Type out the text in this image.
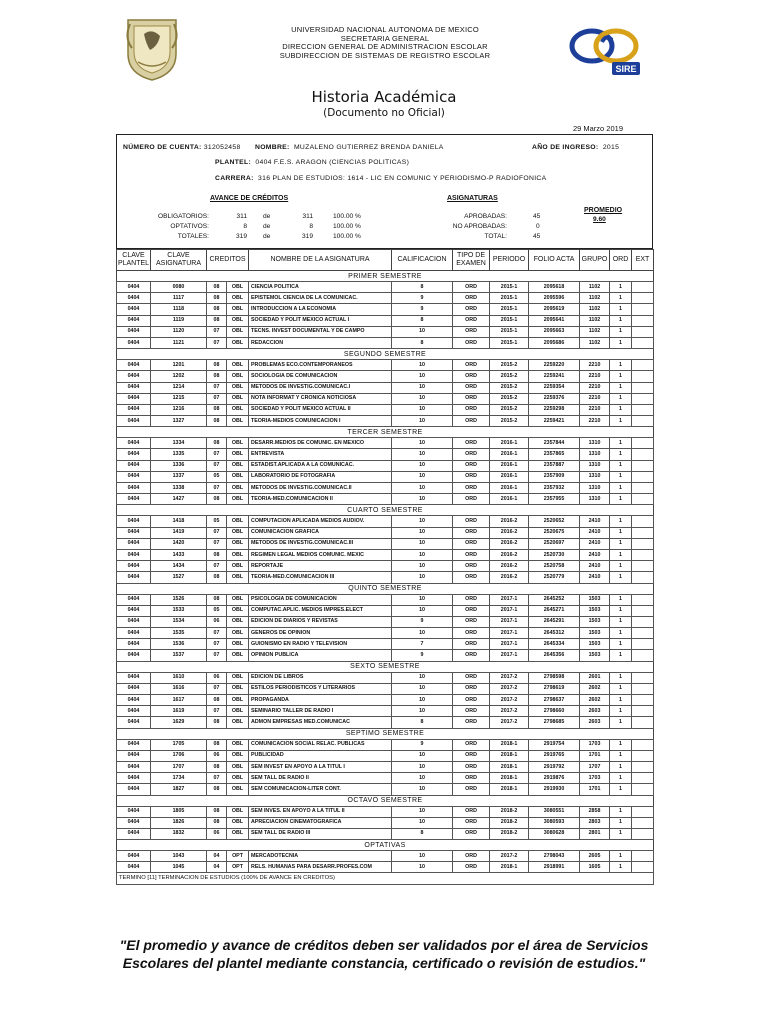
SIRE
UNIVERSIDAD NACIONAL AUTONOMA DE MEXICO
SECRETARIA GENERAL
DIRECCION GENERAL DE ADMINISTRACION ESCOLAR
SUBDIRECCION DE SISTEMAS DE REGISTRO ESCOLAR
Historia Académica
(Documento no Oficial)
29 Marzo 2019
NÚMERO DE CUENTA: 312052458 NOMBRE: MUZALENO GUTIERREZ BRENDA DANIELA	AÑO DE INGRESO: 2015
PLANTEL: 0404 F.E.S. ARAGON (CIENCIAS POLITICAS)
CARRERA: 316 PLAN DE ESTUDIOS: 1614 - LIC EN COMUNIC Y PERIODISMO-P RADIOFONICA
AVANCE DE CRÉDITOS	ASIGNATURAS
PROMEDIO
9.60
OBLIGATORIOS:	311 de	311	100.00 %	APROBADAS:	45
OPTATIVOS:	8 de	8	100.00 %	NO APROBADAS:	0
TOTALES:	319 de	319	100.00 %	TOTAL:	45
CLAVE PLANTEL	CLAVE ASIGNATURA	CREDITOS		NOMBRE DE LA ASIGNATURA	CALIFICACION	TIPO DE EXAMEN	PERIODO	FOLIO ACTA	GRUPO	ORD	EXT
PRIMER SEMESTRE											
0404	0080	08	OBL	CIENCIA POLITICA	8	ORD	2015-1	2095618	1102	1	
0404	1117	08	OBL	EPISTEMOL CIENCIA DE LA COMUNICAC.	9	ORD	2015-1	2095596	1102	1	
0404	1118	08	OBL	INTRODUCCION A LA ECONOMIA	9	ORD	2015-1	2095619	1102	1	
0404	1119	08	OBL	SOCIEDAD Y POLIT MEXICO ACTUAL I	8	ORD	2015-1	2095641	1102	1	
0404	1120	07	OBL	TECNS. INVEST DOCUMENTAL Y DE CAMPO	10	ORD	2015-1	2095663	1102	1	
0404	1121	07	OBL	REDACCION	8	ORD	2015-1	2095686	1102	1	
SEGUNDO SEMESTRE											
0404	1201	08	OBL	PROBLEMAS ECO.CONTEMPORANEOS	10	ORD	2015-2	2259220	2210	1	
0404	1202	08	OBL	SOCIOLOGIA DE COMUNICACION	10	ORD	2015-2	2259241	2210	1	
0404	1214	07	OBL	METODOS DE INVESTIG.COMUNICAC.I	10	ORD	2015-2	2259354	2210	1	
0404	1215	07	OBL	NOTA INFORMAT Y CRONICA NOTICIOSA	10	ORD	2015-2	2259376	2210	1	
0404	1216	08	OBL	SOCIEDAD Y POLIT MEXICO ACTUAL II	10	ORD	2015-2	2259298	2210	1	
0404	1327	08	OBL	TEORIA-MEDIOS COMUNICACION I	10	ORD	2015-2	2259421	2210	1	
TERCER SEMESTRE											
0404	1334	08	OBL	DESARR.MEDIOS DE COMUNIC. EN MEXICO	10	ORD	2016-1	2357844	1310	1	
0404	1335	07	OBL	ENTREVISTA	10	ORD	2016-1	2357865	1310	1	
0404	1336	07	OBL	ESTADIST.APLICADA A LA COMUNICAC.	10	ORD	2016-1	2357887	1310	1	
0404	1337	05	OBL	LABORATORIO DE FOTOGRAFIA	10	ORD	2016-1	2357909	1310	1	
0404	1338	07	OBL	METODOS DE INVESTIG.COMUNICAC.II	10	ORD	2016-1	2357932	1310	1	
0404	1427	08	OBL	TEORIA-MED.COMUNICACION II	10	ORD	2016-1	2357955	1310	1	
CUARTO SEMESTRE											
0404	1418	05	OBL	COMPUTACION APLICADA MEDIOS AUDIOV.	10	ORD	2016-2	2520652	2410	1	
0404	1419	07	OBL	COMUNICACION GRAFICA	10	ORD	2016-2	2520675	2410	1	
0404	1420	07	OBL	METODOS DE INVESTIG.COMUNICAC.III	10	ORD	2016-2	2520697	2410	1	
0404	1433	08	OBL	REGIMEN LEGAL MEDIOS COMUNIC. MEXIC	10	ORD	2016-2	2520730	2410	1	
0404	1434	07	OBL	REPORTAJE	10	ORD	2016-2	2520758	2410	1	
0404	1527	08	OBL	TEORIA-MED.COMUNICACION III	10	ORD	2016-2	2520779	2410	1	
QUINTO SEMESTRE											
0404	1526	08	OBL	PSICOLOGIA DE COMUNICACION	10	ORD	2017-1	2645252	1503	1	
0404	1533	05	OBL	COMPUTAC.APLIC. MEDIOS IMPRES.ELECT	10	ORD	2017-1	2645271	1503	1	
0404	1534	06	OBL	EDICION DE DIARIOS Y REVISTAS	9	ORD	2017-1	2645291	1503	1	
0404	1535	07	OBL	GENEROS DE OPINION	10	ORD	2017-1	2645312	1503	1	
0404	1536	07	OBL	GUIONISMO EN RADIO Y TELEVISION	7	ORD	2017-1	2645334	1503	1	
0404	1537	07	OBL	OPINION PUBLICA	9	ORD	2017-1	2645356	1503	1	
SEXTO SEMESTRE											
0404	1610	06	OBL	EDICION DE LIBROS	10	ORD	2017-2	2798598	2601	1	
0404	1616	07	OBL	ESTILOS PERIODISTICOS Y LITERARIOS	10	ORD	2017-2	2798619	2602	1	
0404	1617	08	OBL	PROPAGANDA	10	ORD	2017-2	2798637	2602	1	
0404	1619	07	OBL	SEMINARIO TALLER DE RADIO I	10	ORD	2017-2	2798660	2603	1	
0404	1629	08	OBL	ADMON EMPRESAS MED.COMUNICAC	8	ORD	2017-2	2798685	2603	1	
SEPTIMO SEMESTRE											
0404	1705	08	OBL	COMUNICACION SOCIAL RELAC. PUBLICAS	9	ORD	2018-1	2919754	1703	1	
0404	1706	06	OBL	PUBLICIDAD	10	ORD	2018-1	2919765	1701	1	
0404	1707	08	OBL	SEM INVEST EN APOYO A LA TITUL I	10	ORD	2018-1	2919792	1707	1	
0404	1734	07	OBL	SEM TALL DE RADIO II	10	ORD	2018-1	2919876	1703	1	
0404	1827	08	OBL	SEM COMUNICACION-LITER CONT.	10	ORD	2018-1	2919930	1701	1	
OCTAVO SEMESTRE											
0404	1805	08	OBL	SEM INVES. EN APOYO A LA TITUL II	10	ORD	2018-2	3080551	2858	1	
0404	1826	08	OBL	APRECIACION CINEMATOGRAFICA	10	ORD	2018-2	3080593	2803	1	
0404	1832	06	OBL	SEM TALL DE RADIO III	8	ORD	2018-2	3080628	2801	1	
OPTATIVAS											
0404	1043	04	OPT	MERCADOTECNIA	10	ORD	2017-2	2798043	2605	1	
0404	1045	04	OPT	RELS. HUMANAS PARA DESARR.PROFES.COM	10	ORD	2018-1	2918991	1605	1	
TERMINO [11] TERMINACION DE ESTUDIOS (100% DE AVANCE EN CREDITOS)											
"El promedio y avance de créditos deben ser validados por el área de Servicios Escolares del plantel mediante constancia, certificado o revisión de estudios."
